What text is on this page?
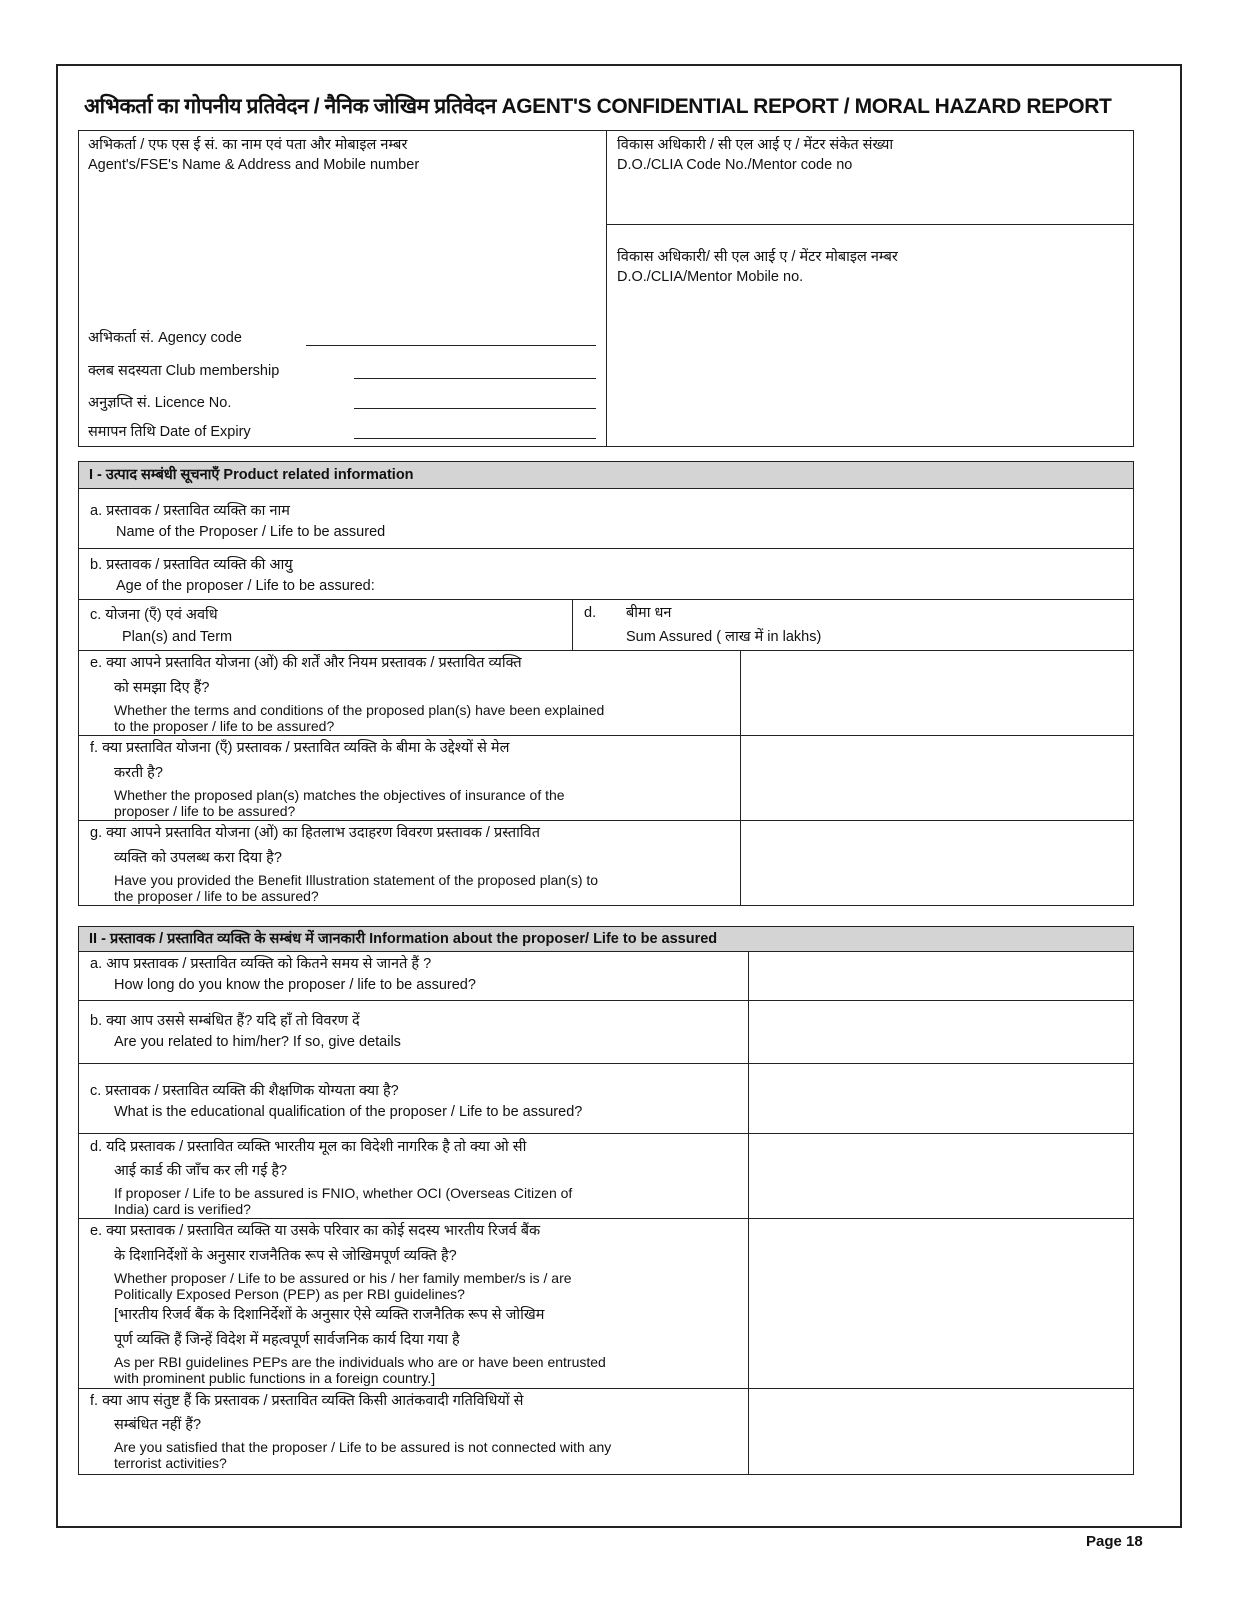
अभिकर्ता का गोपनीय प्रतिवेदन / नैनिक जोखिम प्रतिवेदन AGENT'S CONFIDENTIAL REPORT / MORAL HAZARD REPORT
अभिकर्ता / एफ एस ई सं. का नाम एवं पता और मोबाइल नम्बर
Agent's/FSE's Name & Address and Mobile number
विकास अधिकारी / सी एल आई ए / मेंटर संकेत संख्या
D.O./CLIA Code No./Mentor code no
विकास अधिकारी/ सी एल आई ए / मेंटर मोबाइल नम्बर
D.O./CLIA/Mentor Mobile no.
अभिकर्ता सं. Agency code
क्लब सदस्यता Club membership
अनुज्ञप्ति सं. Licence No.
समापन तिथि Date of Expiry
I - उत्पाद सम्बंधी सूचनाएँ Product related information
a. प्रस्तावक / प्रस्तावित व्यक्ति का नाम
Name of the Proposer / Life to be assured
b. प्रस्तावक / प्रस्तावित व्यक्ति की आयु
Age of the proposer / Life to be assured:
c. योजना (एँ) एवं अवधि
Plan(s) and Term
d. बीमा धन
Sum Assured ( लाख में in lakhs)
e. क्या आपने प्रस्तावित योजना (ओं) की शर्तें और नियम प्रस्तावक / प्रस्तावित व्यक्ति
को समझा दिए हैं?
Whether the terms and conditions of the proposed plan(s) have been explained
to the proposer / life to be assured?
f. क्या प्रस्तावित योजना (एँ) प्रस्तावक / प्रस्तावित व्यक्ति के बीमा के उद्देश्यों से मेल
करती है?
Whether the proposed plan(s) matches the objectives of insurance of the
proposer / life to be assured?
g. क्या आपने प्रस्तावित योजना (ओं) का हितलाभ उदाहरण विवरण प्रस्तावक / प्रस्तावित
व्यक्ति को उपलब्ध करा दिया है?
Have you provided the Benefit Illustration statement of the proposed plan(s) to
the proposer / life to be assured?
II - प्रस्तावक / प्रस्तावित व्यक्ति के सम्बंध में जानकारी Information about the proposer/ Life to be assured
a. आप प्रस्तावक / प्रस्तावित व्यक्ति को कितने समय से जानते हैं ?
How long do you know the proposer / life to be assured?
b. क्या आप उससे सम्बंधित हैं? यदि हाँ तो विवरण दें
Are you related to him/her? If so, give details
c. प्रस्तावक / प्रस्तावित व्यक्ति की शैक्षणिक योग्यता क्या है?
What is the educational qualification of the proposer / Life to be assured?
d. यदि प्रस्तावक / प्रस्तावित व्यक्ति भारतीय मूल का विदेशी नागरिक है तो क्या ओ सी
आई कार्ड की जाँच कर ली गई है?
If proposer / Life to be assured is FNIO, whether OCI (Overseas Citizen of
India) card is verified?
e. क्या प्रस्तावक / प्रस्तावित व्यक्ति या उसके परिवार का कोई सदस्य भारतीय रिजर्व बैंक
के दिशानिर्देशों के अनुसार राजनैतिक रूप से जोखिमपूर्ण व्यक्ति है?
Whether proposer / Life to be assured or his / her family member/s is / are
Politically Exposed Person (PEP) as per RBI guidelines?
[भारतीय रिजर्व बैंक के दिशानिर्देशों के अनुसार ऐसे व्यक्ति राजनैतिक रूप से जोखिम
पूर्ण व्यक्ति हैं जिन्हें विदेश में महत्वपूर्ण सार्वजनिक कार्य दिया गया है
As per RBI guidelines PEPs are the individuals who are or have been entrusted
with prominent public functions in a foreign country.]
f. क्या आप संतुष्ट हैं कि प्रस्तावक / प्रस्तावित व्यक्ति किसी आतंकवादी गतिविधियों से
सम्बंधित नहीं हैं?
Are you satisfied that the proposer / Life to be assured is not connected with any
terrorist activities?
Page 18
